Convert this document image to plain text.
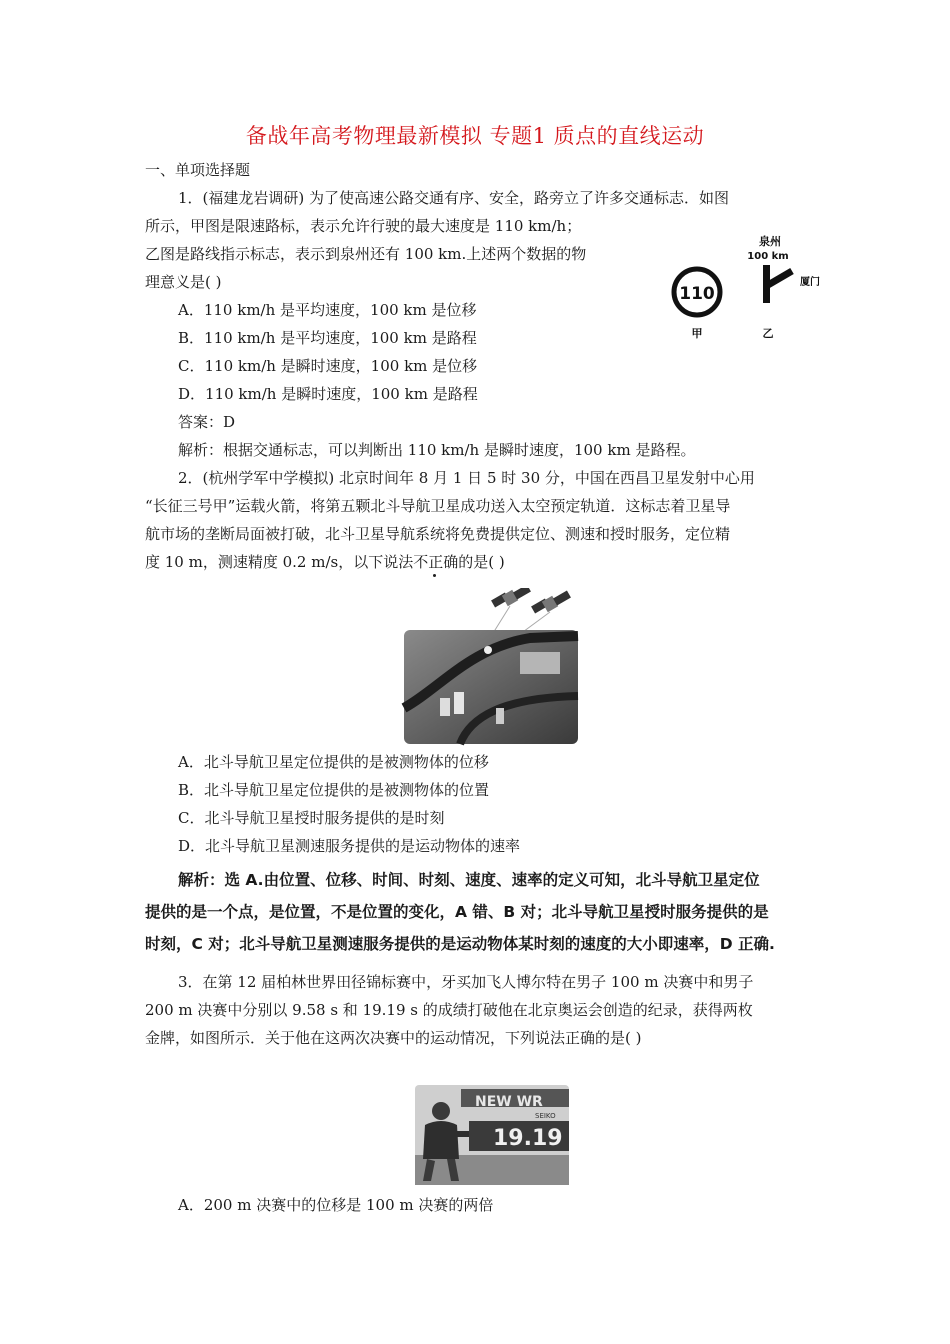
备战年高考物理最新模拟 专题1 质点的直线运动
一、单项选择题
1．(福建龙岩调研) 为了使高速公路交通有序、安全，路旁立了许多交通标志．如图
所示，甲图是限速路标，表示允许行驶的最大速度是 110 km/h；
乙图是路线指示标志，表示到泉州还有 100 km.上述两个数据的物
理意义是( )
A．110 km/h 是平均速度，100 km 是位移
B．110 km/h 是平均速度，100 km 是路程
C．110 km/h 是瞬时速度，100 km 是位移
D．110 km/h 是瞬时速度，100 km 是路程
答案：D
解析：根据交通标志，可以判断出 110 km/h 是瞬时速度，100 km 是路程。
110
甲
泉州
100 km
厦门
乙
2．(杭州学军中学模拟) 北京时间年 8 月 1 日 5 时 30 分，中国在西昌卫星发射中心用
“长征三号甲”运载火箭，将第五颗北斗导航卫星成功送入太空预定轨道．这标志着卫星导
航市场的垄断局面被打破，北斗卫星导航系统将免费提供定位、测速和授时服务，定位精
度 10 m，测速精度 0.2 m/s，以下说法不正确的是( )
A．北斗导航卫星定位提供的是被测物体的位移
B．北斗导航卫星定位提供的是被测物体的位置
C．北斗导航卫星授时服务提供的是时刻
D．北斗导航卫星测速服务提供的是运动物体的速率
解析：选 A.由位置、位移、时间、时刻、速度、速率的定义可知，北斗导航卫星定位
提供的是一个点，是位置，不是位置的变化，A 错、B 对；北斗导航卫星授时服务提供的是
时刻，C 对；北斗导航卫星测速服务提供的是运动物体某时刻的速度的大小即速率，D 正确.
3．在第 12 届柏林世界田径锦标赛中，牙买加飞人博尔特在男子 100 m 决赛中和男子
200 m 决赛中分别以 9.58 s 和 19.19 s 的成绩打破他在北京奥运会创造的纪录，获得两枚
金牌，如图所示．关于他在这两次决赛中的运动情况，下列说法正确的是( )
NEW WR
SEIKO
19.19
A．200 m 决赛中的位移是 100 m 决赛的两倍
